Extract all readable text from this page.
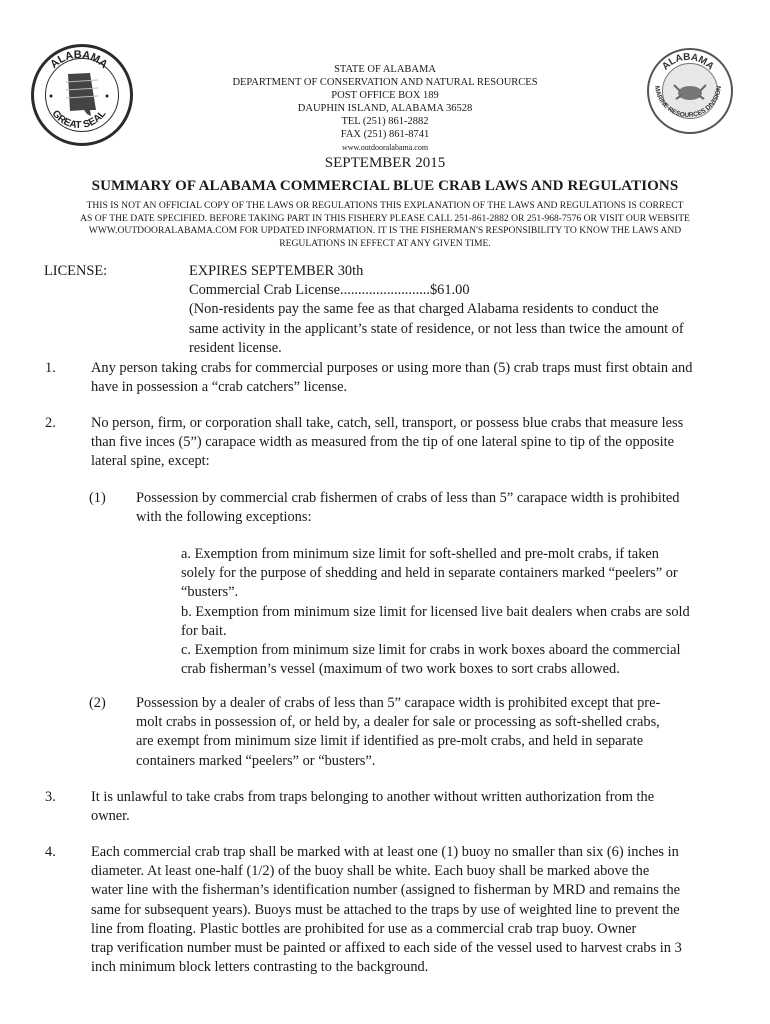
ALABAMA
GREAT SEAL
ALABAMA
MARINE RESOURCES DIVISION
STATE OF ALABAMA
DEPARTMENT OF CONSERVATION AND NATURAL RESOURCES
POST OFFICE BOX 189
DAUPHIN ISLAND, ALABAMA 36528
TEL (251) 861-2882
FAX (251) 861-8741
www.outdooralabama.com
SEPTEMBER 2015
SUMMARY OF ALABAMA COMMERCIAL BLUE CRAB LAWS AND REGULATIONS
THIS IS NOT AN OFFICIAL COPY OF THE LAWS OR REGULATIONS THIS EXPLANATION OF THE LAWS AND REGULATIONS IS CORRECT
AS OF THE DATE SPECIFIED. BEFORE TAKING PART IN THIS FISHERY PLEASE CALL 251-861-2882 OR 251-968-7576 OR VISIT OUR WEBSITE
WWW.OUTDOORALABAMA.COM FOR UPDATED INFORMATION. IT IS THE FISHERMAN'S RESPONSIBILITY TO KNOW THE LAWS AND
REGULATIONS IN EFFECT AT ANY GIVEN TIME.
LICENSE:	EXPIRES SEPTEMBER 30th
Commercial Crab License.........................$61.00
(Non-residents pay the same fee as that charged Alabama residents to conduct the
same activity in the applicant’s state of residence, or not less than twice the amount of
resident license.
1. Any person taking crabs for commercial purposes or using more than (5) crab traps must first obtain and
have in possession a “crab catchers” license.
2. No person, firm, or corporation shall take, catch, sell, transport, or possess blue crabs that measure less
than five inces (5”) carapace width as measured from the tip of one lateral spine to tip of the opposite
lateral spine, except:
(1) Possession by commercial crab fishermen of crabs of less than 5” carapace width is prohibited
with the following exceptions:
a. Exemption from minimum size limit for soft-shelled and pre-molt crabs, if taken
solely for the purpose of shedding and held in separate containers marked “peelers” or
“busters”.
b. Exemption from minimum size limit for licensed live bait dealers when crabs are sold
for bait.
c. Exemption from minimum size limit for crabs in work boxes aboard the commercial
crab fisherman’s vessel (maximum of two work boxes to sort crabs allowed.
(2) Possession by a dealer of crabs of less than 5” carapace width is prohibited except that pre-
molt crabs in possession of, or held by, a dealer for sale or processing as soft-shelled crabs,
are exempt from minimum size limit if identified as pre-molt crabs, and held in separate
containers marked “peelers” or “busters”.
3. It is unlawful to take crabs from traps belonging to another without written authorization from the
owner.
4. Each commercial crab trap shall be marked with at least one (1) buoy no smaller than six (6) inches in
diameter. At least one-half (1/2) of the buoy shall be white. Each buoy shall be marked above the
water line with the fisherman’s identification number (assigned to fisherman by MRD and remains the
same for subsequent years). Buoys must be attached to the traps by use of weighted line to prevent the
line from floating. Plastic bottles are prohibited for use as a commercial crab trap buoy. Owner
trap verification number must be painted or affixed to each side of the vessel used to harvest crabs in 3
inch minimum block letters contrasting to the background.
